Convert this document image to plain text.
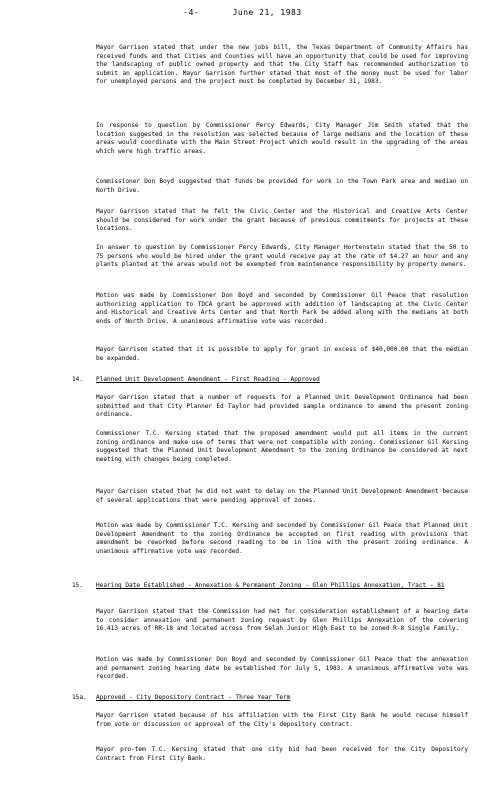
-4-	June 21, 1983
Mayor Garrison stated that under the new jobs bill, the Texas Department of Community Affairs has received funds and that Cities and Counties will have an opportunity that could be used for improving the landscaping of public owned property and that the City Staff has recommended authorization to submit an application. Mayor Garrison further stated that most of the money must be used for labor for unemployed persons and the project must be completed by December 31, 1983.
In response to question by Commissioner Percy Edwards, City Manager Jim Smith stated that the location suggested in the resolution was selected because of large medians and the location of these areas would coordinate with the Main Street Project which would result in the upgrading of the areas which were high traffic areas.
Commissioner Don Boyd suggested that funds be provided for work in the Town Park area and median on North Drive.
Mayor Garrison stated that he felt the Civic Center and the Historical and Creative Arts Center should be considered for work under the grant because of previous commitments for projects at these locations.
In answer to question by Commissioner Percy Edwards, City Manager Hortenstein stated that the 50 to 75 persons who would be hired under the grant would receive pay at the rate of $4.27 an hour and any plants planted at the areas would not be exempted from maintenance responsibility by property owners.
Motion was made by Commissioner Don Boyd and seconded by Commissioner Gil Peace that resolution authorizing application to TDCA grant be approved with addition of landscaping at the Civic Center and Historical and Creative Arts Center and that North Park be added along with the medians at both ends of North Drive. A unanimous affirmative vote was recorded.
Mayor Garrison stated that it is possible to apply for grant in excess of $40,000.00 that the median be expanded.
14. Planned Unit Development Amendment - First Reading - Approved
Mayor Garrison stated that a number of requests for a Planned Unit Development Ordinance had been submitted and that City Planner Ed Taylor had provided sample ordinance to amend the present zoning ordinance.
Commissioner T.C. Kersing stated that the proposed amendment would put all items in the current zoning ordinance and make use of terms that were not compatible with zoning. Commissioner Gil Kersing suggested that the Planned Unit Development Amendment to the zoning Ordinance be considered at next meeting with changes being completed.
Mayor Garrison stated that he did not want to delay on the Planned Unit Development Amendment because of several applications that were pending approval of zones.
Motion was made by Commissioner T.C. Kersing and seconded by Commissioner Gil Peace that Planned Unit Development Amendment to the zoning Ordinance be accepted on first reading with provisions that amendment be reworked before second reading to be in line with the present zoning ordinance. A unanimous affirmative vote was recorded.
15. Hearing Date Established - Annexation & Permanent Zoning - Glen Phillips Annexation, Tract - 81
Mayor Garrison stated that the Commission had met for consideration establishment of a hearing date to consider annexation and permanent zoning request by Glen Phillips Annexation of the covering 16.413 acres of RR-18 and located across from Selah Junior High East to be zoned R-8 Single Family.
Motion was made by Commissioner Don Boyd and seconded by Commissioner Gil Peace that the annexation and permanent zoning hearing date be established for July 5, 1983. A unanimous affirmative vote was recorded.
15a. Approved - City Depository Contract - Three Year Term
Mayor Garrison stated because of his affiliation with the First City Bank he would recuse himself from vote or discussion or approval of the City's depository contract.
Mayor pro-tem T.C. Kersing stated that one city bid had been received for the City Depository Contract from First City Bank.
